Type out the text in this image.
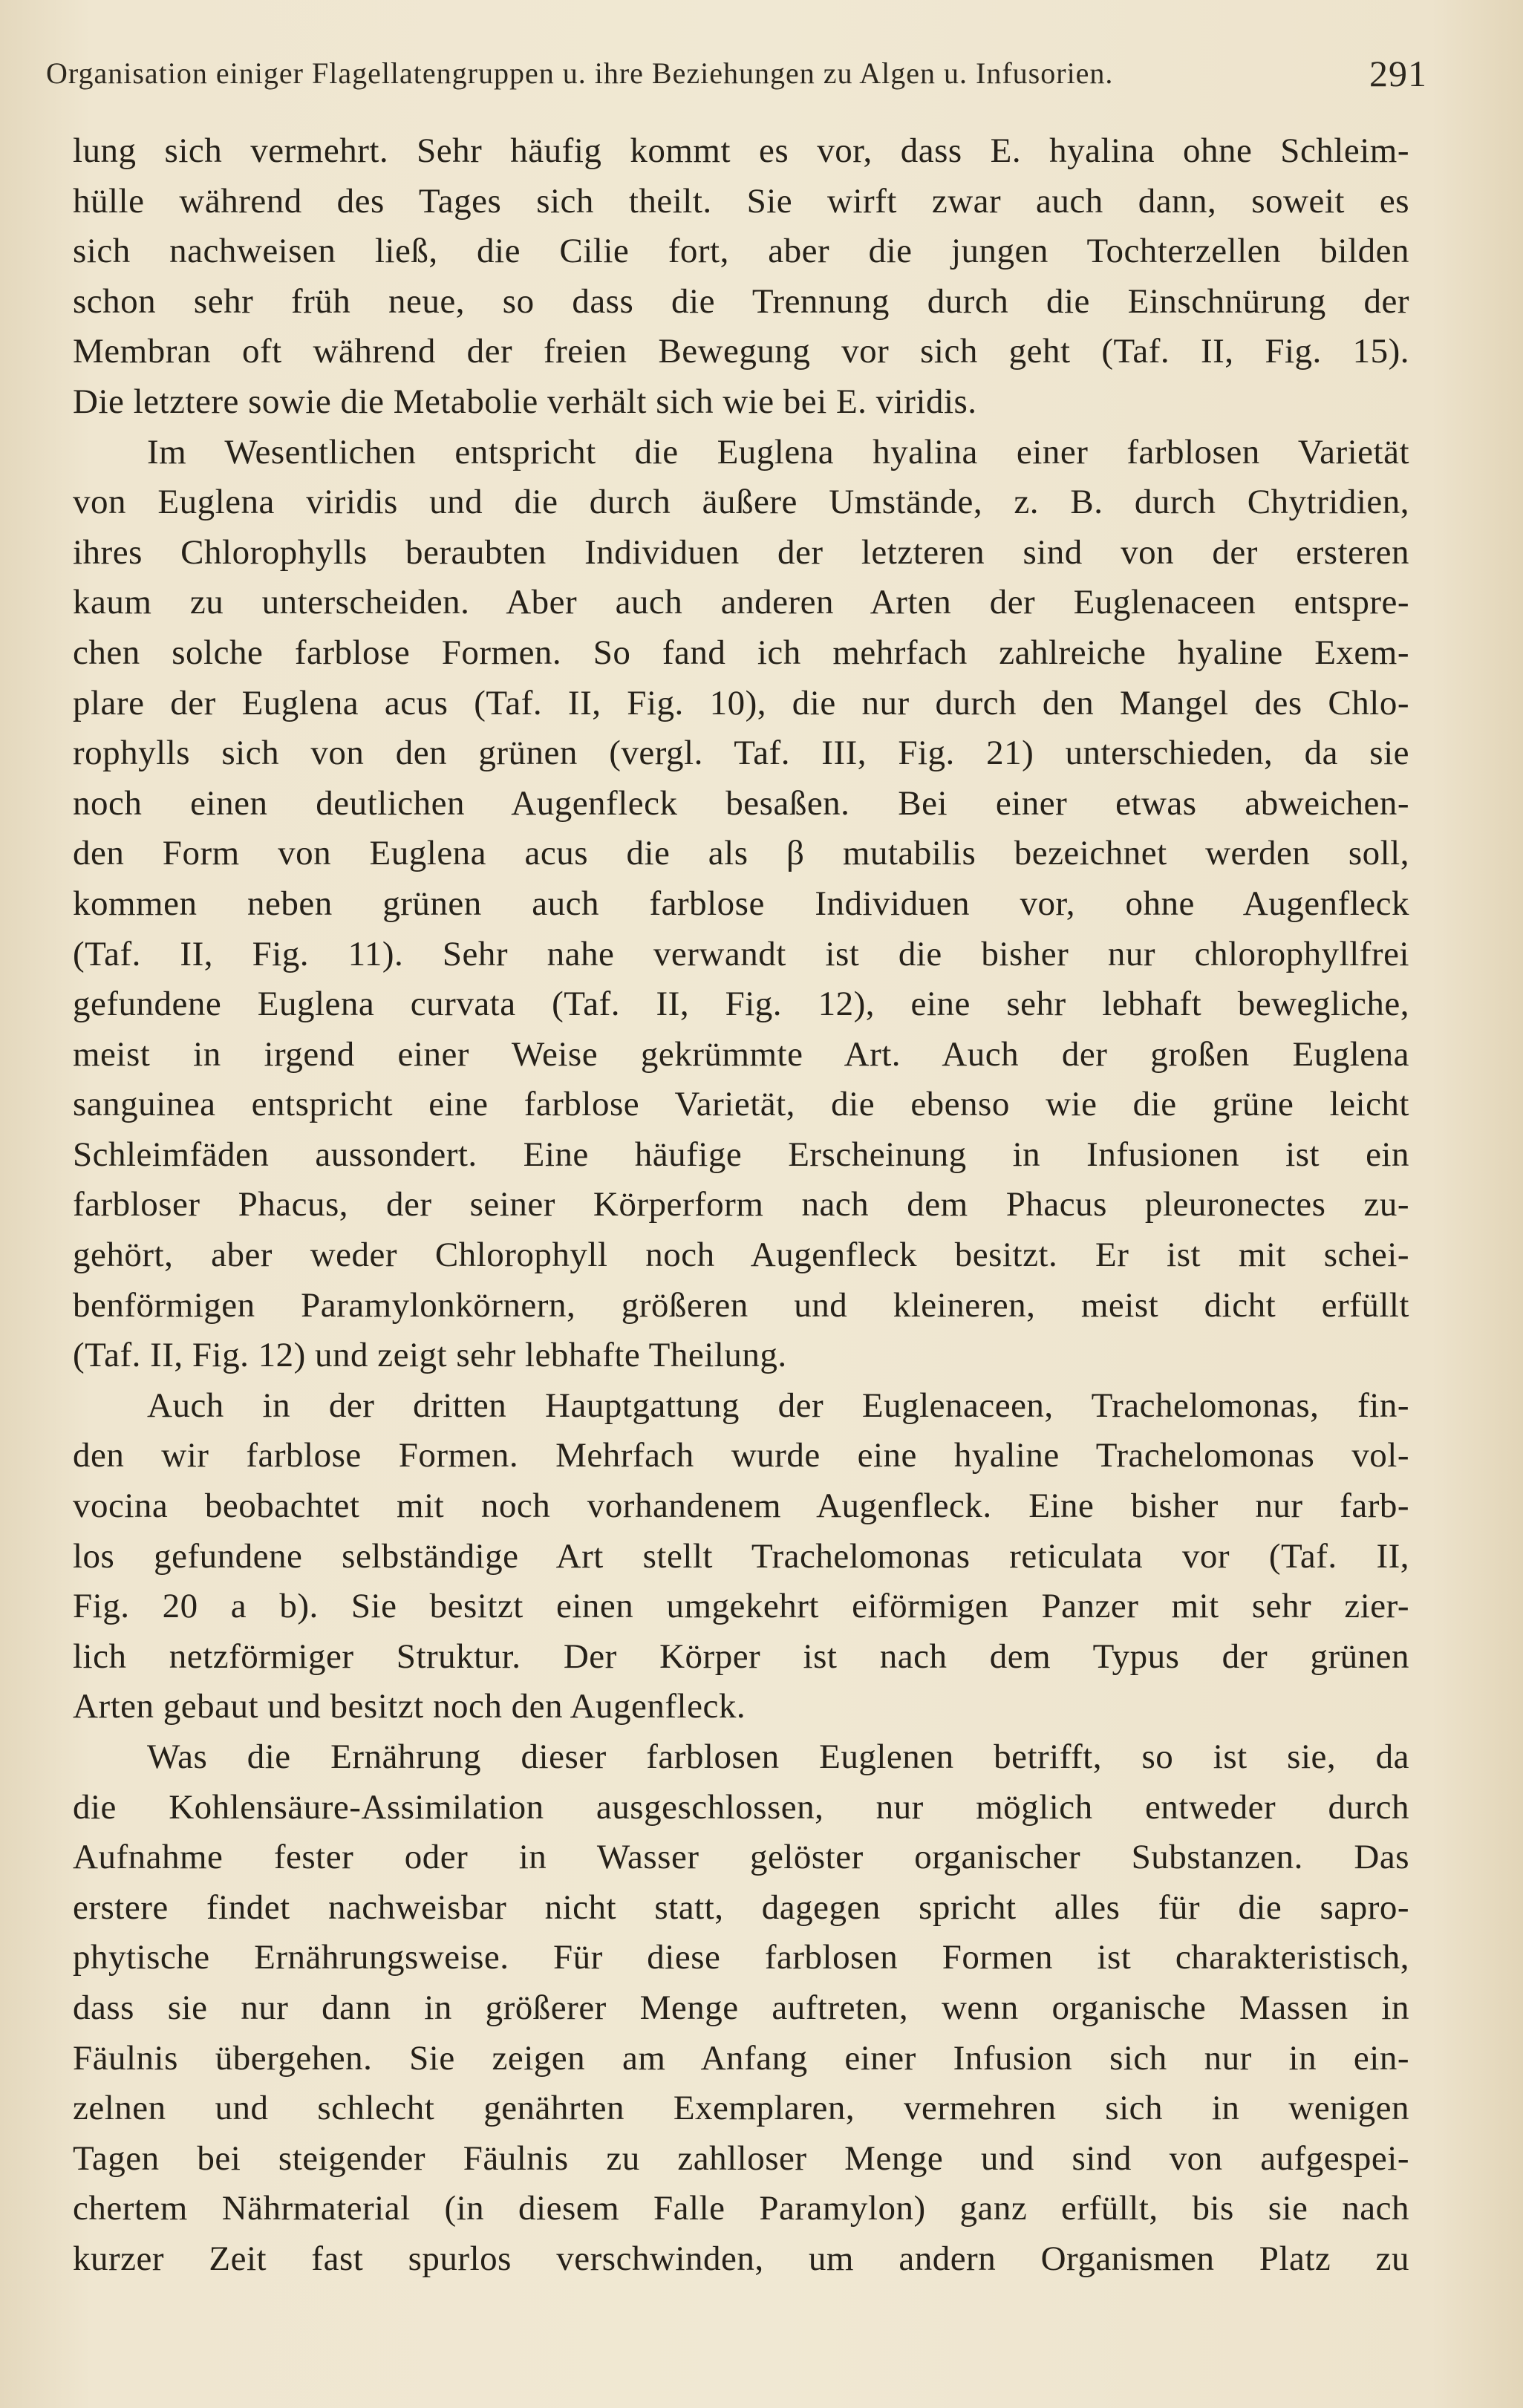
Organisation einiger Flagellatengruppen u. ihre Beziehungen zu Algen u. Infusorien.	291
lung sich vermehrt. Sehr häufig kommt es vor, dass E. hyalina ohne Schleim-
hülle während des Tages sich theilt. Sie wirft zwar auch dann, soweit es
sich nachweisen ließ, die Cilie fort, aber die jungen Tochterzellen bilden
schon sehr früh neue, so dass die Trennung durch die Einschnürung der
Membran oft während der freien Bewegung vor sich geht (Taf. II, Fig. 15).
Die letztere sowie die Metabolie verhält sich wie bei E. viridis.
Im Wesentlichen entspricht die Euglena hyalina einer farblosen Varietät
von Euglena viridis und die durch äußere Umstände, z. B. durch Chytridien,
ihres Chlorophylls beraubten Individuen der letzteren sind von der ersteren
kaum zu unterscheiden. Aber auch anderen Arten der Euglenaceen entspre-
chen solche farblose Formen. So fand ich mehrfach zahlreiche hyaline Exem-
plare der Euglena acus (Taf. II, Fig. 10), die nur durch den Mangel des Chlo-
rophylls sich von den grünen (vergl. Taf. III, Fig. 21) unterschieden, da sie
noch einen deutlichen Augenfleck besaßen. Bei einer etwas abweichen-
den Form von Euglena acus die als β mutabilis bezeichnet werden soll,
kommen neben grünen auch farblose Individuen vor, ohne Augenfleck
(Taf. II, Fig. 11). Sehr nahe verwandt ist die bisher nur chlorophyllfrei
gefundene Euglena curvata (Taf. II, Fig. 12), eine sehr lebhaft bewegliche,
meist in irgend einer Weise gekrümmte Art. Auch der großen Euglena
sanguinea entspricht eine farblose Varietät, die ebenso wie die grüne leicht
Schleimfäden aussondert. Eine häufige Erscheinung in Infusionen ist ein
farbloser Phacus, der seiner Körperform nach dem Phacus pleuronectes zu-
gehört, aber weder Chlorophyll noch Augenfleck besitzt. Er ist mit schei-
benförmigen Paramylonkörnern, größeren und kleineren, meist dicht erfüllt
(Taf. II, Fig. 12) und zeigt sehr lebhafte Theilung.
Auch in der dritten Hauptgattung der Euglenaceen, Trachelomonas, fin-
den wir farblose Formen. Mehrfach wurde eine hyaline Trachelomonas vol-
vocina beobachtet mit noch vorhandenem Augenfleck. Eine bisher nur farb-
los gefundene selbständige Art stellt Trachelomonas reticulata vor (Taf. II,
Fig. 20 a b). Sie besitzt einen umgekehrt eiförmigen Panzer mit sehr zier-
lich netzförmiger Struktur. Der Körper ist nach dem Typus der grünen
Arten gebaut und besitzt noch den Augenfleck.
Was die Ernährung dieser farblosen Euglenen betrifft, so ist sie, da
die Kohlensäure-Assimilation ausgeschlossen, nur möglich entweder durch
Aufnahme fester oder in Wasser gelöster organischer Substanzen. Das
erstere findet nachweisbar nicht statt, dagegen spricht alles für die sapro-
phytische Ernährungsweise. Für diese farblosen Formen ist charakteristisch,
dass sie nur dann in größerer Menge auftreten, wenn organische Massen in
Fäulnis übergehen. Sie zeigen am Anfang einer Infusion sich nur in ein-
zelnen und schlecht genährten Exemplaren, vermehren sich in wenigen
Tagen bei steigender Fäulnis zu zahlloser Menge und sind von aufgespei-
chertem Nährmaterial (in diesem Falle Paramylon) ganz erfüllt, bis sie nach
kurzer Zeit fast spurlos verschwinden, um andern Organismen Platz zu
